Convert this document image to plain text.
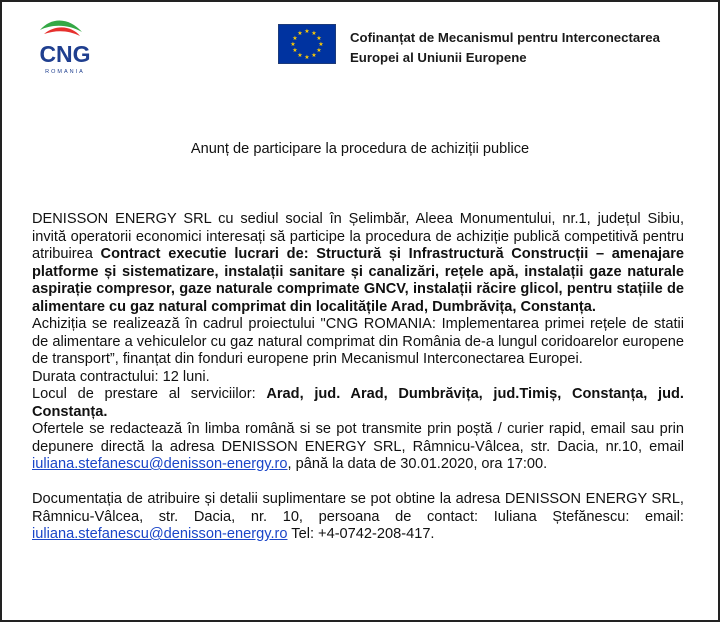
CNG
ROMANIA
★ ★
★
★
★
★
★
★
★
★
★
★	Cofinanțat de Mecanismul pentru Interconectarea
Europei al Uniunii Europene
Anunț de participare la procedura de achiziții publice

DENISSON ENERGY SRL cu sediul social în Șelimbăr, Aleea Monumentului, nr.1, județul Sibiu, invită operatorii economici interesați să participe la procedura de achiziție publică competitivă pentru atribuirea Contract executie lucrari de: Structură și Infrastructură Construcții – amenajare platforme și sistematizare, instalații sanitare și canalizări, rețele apă, instalații gaze naturale aspirație compresor, gaze naturale comprimate GNCV, instalații răcire glicol, pentru stațiile de alimentare cu gaz natural comprimat din localitățile Arad, Dumbrăvița, Constanța.

Achiziția se realizează în cadrul proiectului "CNG ROMANIA: Implementarea primei rețele de statii de alimentare a vehiculelor cu gaz natural comprimat din România de-a lungul coridoarelor europene de transport”, finanțat din fonduri europene prin Mecanismul Interconectarea Europei.

Durata contractului: 12 luni.

Locul de prestare al serviciilor: Arad, jud. Arad, Dumbrăvița, jud.Timiș, Constanța, jud. Constanța.

Ofertele se redactează în limba română si se pot transmite prin poștă / curier rapid, email sau prin depunere directă la adresa DENISSON ENERGY SRL, Râmnicu-Vâlcea, str. Dacia, nr.10, email iuliana.stefanescu@denisson-energy.ro, până la data de 30.01.2020, ora 17:00.

Documentația de atribuire și detalii suplimentare se pot obtine la adresa DENISSON ENERGY SRL, Râmnicu-Vâlcea, str. Dacia, nr. 10, persoana de contact: Iuliana Ștefănescu: email: iuliana.stefanescu@denisson-energy.ro Tel: +4-0742-208-417.
